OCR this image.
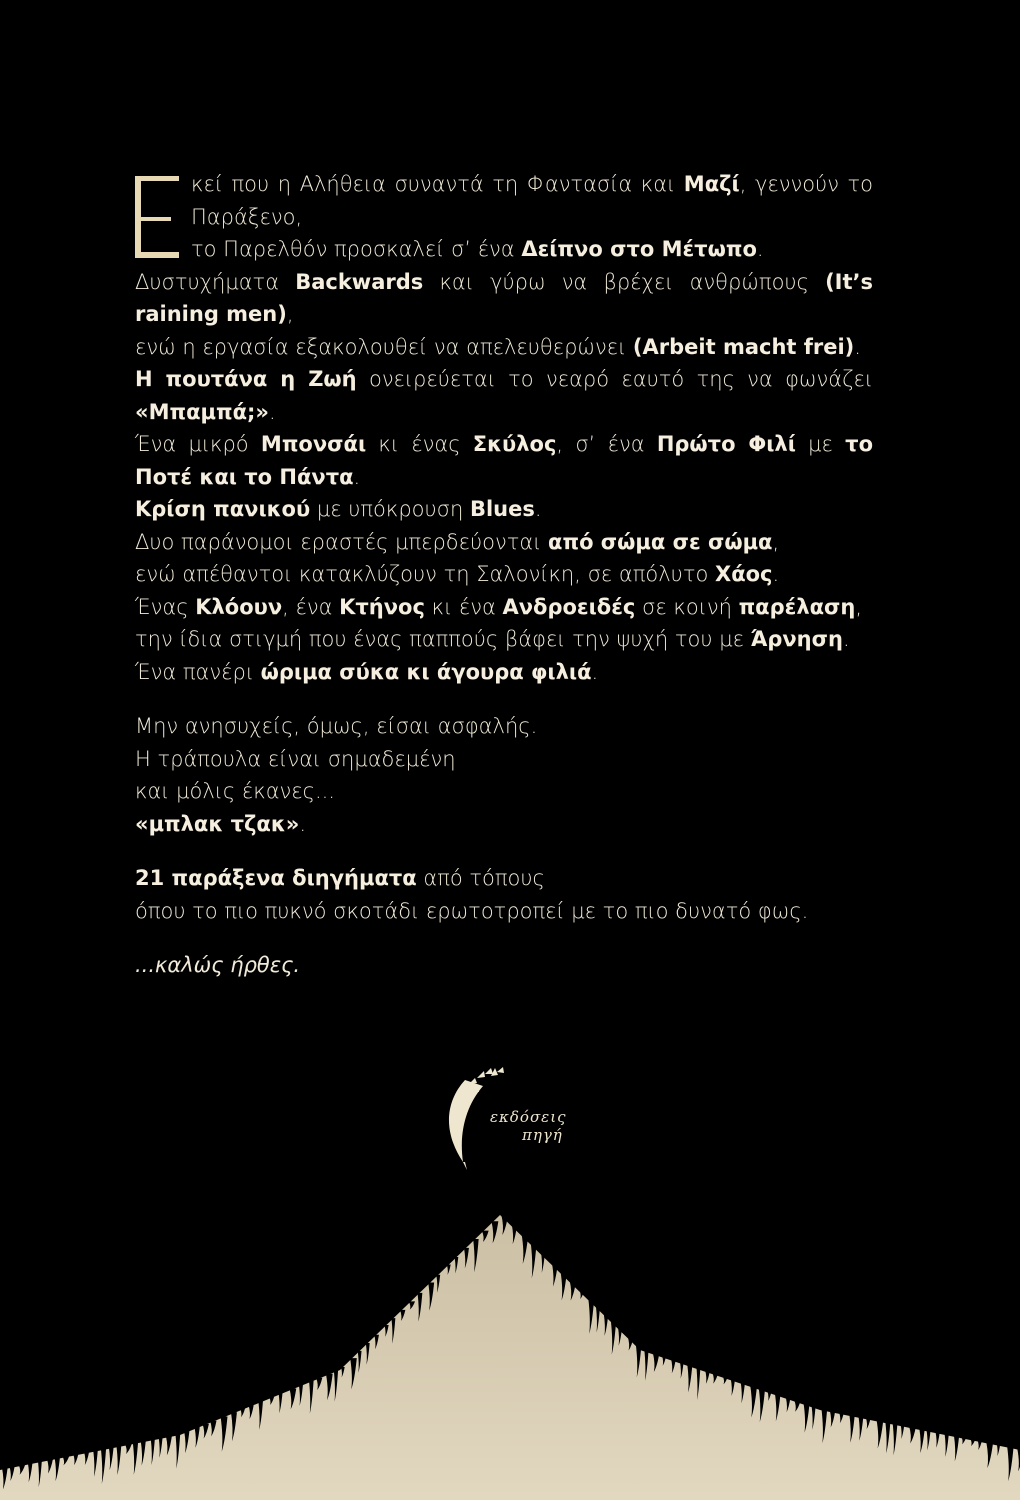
κεί που η Αλήθεια συναντά τη Φαντασία και Μαζί, γεννούν το
Παράξενο,
το Παρελθόν προσκαλεί σ’ ένα Δείπνο στο Μέτωπο.
Δυστυχήματα Backwards και γύρω να βρέχει ανθρώπους (It’s raining men),
ενώ η εργασία εξακολουθεί να απελευθερώνει (Arbeit macht frei).
Η πουτάνα η Ζωή ονειρεύεται το νεαρό εαυτό της να φωνάζει «Μπαμπά;».
Ένα μικρό Μπονσάι κι ένας Σκύλος, σ’ ένα Πρώτο Φιλί με το Ποτέ και το Πάντα.
Κρίση πανικού με υπόκρουση Blues.
Δυο παράνομοι εραστές μπερδεύονται από σώμα σε σώμα,
ενώ απέθαντοι κατακλύζουν τη Σαλονίκη, σε απόλυτο Χάος.
Ένας Κλόουν, ένα Κτήνος κι ένα Ανδροειδές σε κοινή παρέλαση,
την ίδια στιγμή που ένας παππούς βάφει την ψυχή του με Άρνηση.
Ένα πανέρι ώριμα σύκα κι άγουρα φιλιά.
Μην ανησυχείς, όμως, είσαι ασφαλής.
Η τράπουλα είναι σημαδεμένη
και μόλις έκανες...
«μπλακ τζακ».
21 παράξενα διηγήματα από τόπους
όπου το πιο πυκνό σκοτάδι ερωτοτροπεί με το πιο δυνατό φως.
...καλώς ήρθες.
εκδόσεις
πηγή
